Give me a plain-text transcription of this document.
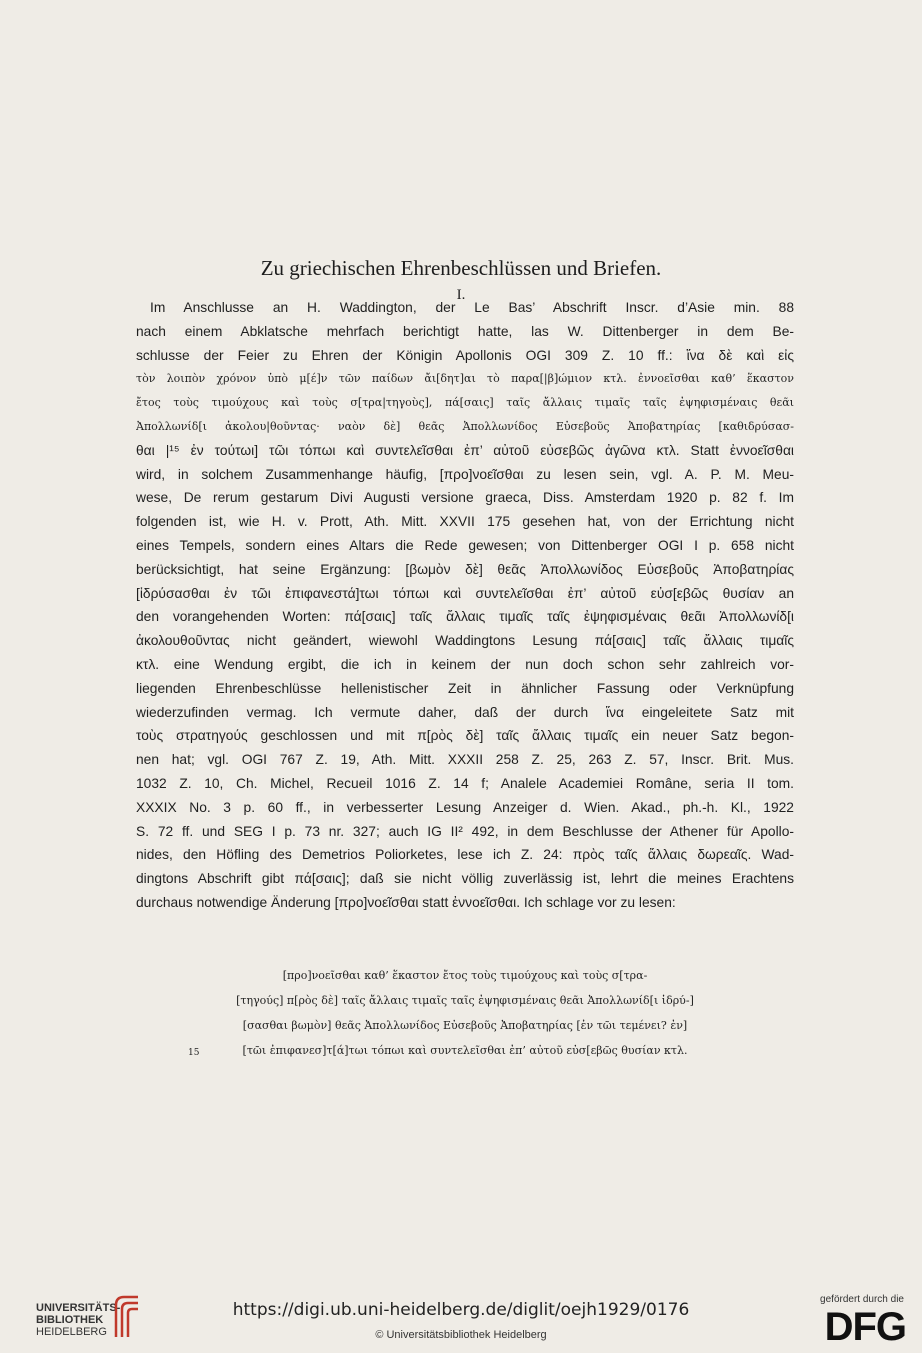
Zu griechischen Ehrenbeschlüssen und Briefen.
I.
Im Anschlusse an H. Waddington, der Le Bas’ Abschrift Inscr. d’Asie min. 88
nach einem Abklatsche mehrfach berichtigt hatte, las W. Dittenberger in dem Be-
schlusse der Feier zu Ehren der Königin Apollonis OGI 309 Z. 10 ff.: ἵνα δὲ καὶ εἰς
τὸν λοιπὸν χρόνον ὑπὸ μ[έ]ν τῶν παίδων ἄι[δητ]αι τὸ παρα[|β]ώμιον κτλ. ἐννοεῖσθαι καθ’ ἕκαστον
ἔτος τοὺς τιμούχους καὶ τοὺς σ[τρα|τηγοὺς], πά[σαις] ταῖς ἄλλαις τιμαῖς ταῖς ἐψηφισμέναις θεᾶι
Ἀπολλωνίδ[ι ἀκολου|θοῦντας· ναὸν δὲ] θεᾶς Ἀπολλωνίδος Εὐσεβοῦς Ἀποβατηρίας [καθιδρύσασ-
θαι |¹⁵ ἐν τούτωι] τῶι τόπωι καὶ συντελεῖσθαι ἐπ’ αὐτοῦ εὐσεβῶς ἀγῶνα κτλ. Statt ἐννοεῖσθαι
wird, in solchem Zusammenhange häufig, [προ]νοεῖσθαι zu lesen sein, vgl. A. P. M. Meu-
wese, De rerum gestarum Divi Augusti versione graeca, Diss. Amsterdam 1920 p. 82 f. Im
folgenden ist, wie H. v. Prott, Ath. Mitt. XXVII 175 gesehen hat, von der Errichtung nicht
eines Tempels, sondern eines Altars die Rede gewesen; von Dittenberger OGI I p. 658 nicht
berücksichtigt, hat seine Ergänzung: [βωμὸν δὲ] θεᾶς Ἀπολλωνίδος Εὐσεβοῦς Ἀποβατηρίας
[ἱδρύσασθαι ἐν τῶι ἐπιφανεστά]τωι τόπωι καὶ συντελεῖσθαι ἐπ’ αὐτοῦ εὐσ[εβῶς θυσίαν an
den vorangehenden Worten: πά[σαις] ταῖς ἄλλαις τιμαῖς ταῖς ἐψηφισμέναις θεᾶι Ἀπολλωνίδ[ι
ἀκολουθοῦντας nicht geändert, wiewohl Waddingtons Lesung πά[σαις] ταῖς ἄλλαις τιμαῖς
κτλ. eine Wendung ergibt, die ich in keinem der nun doch schon sehr zahlreich vor-
liegenden Ehrenbeschlüsse hellenistischer Zeit in ähnlicher Fassung oder Verknüpfung
wiederzufinden vermag. Ich vermute daher, daß der durch ἵνα eingeleitete Satz mit
τοὺς στρατηγούς geschlossen und mit π[ρὸς δὲ] ταῖς ἄλλαις τιμαῖς ein neuer Satz begon-
nen hat; vgl. OGI 767 Z. 19, Ath. Mitt. XXXII 258 Z. 25, 263 Z. 57, Inscr. Brit. Mus.
1032 Z. 10, Ch. Michel, Recueil 1016 Z. 14 f; Analele Academiei Române, seria II tom.
XXXIX No. 3 p. 60 ff., in verbesserter Lesung Anzeiger d. Wien. Akad., ph.-h. Kl., 1922
S. 72 ff. und SEG I p. 73 nr. 327; auch IG II² 492, in dem Beschlusse der Athener für Apollo-
nides, den Höfling des Demetrios Poliorketes, lese ich Z. 24: πρὸς ταῖς ἄλλαις δωρεαῖς. Wad-
dingtons Abschrift gibt πά[σαις]; daß sie nicht völlig zuverlässig ist, lehrt die meines Erachtens
durchaus notwendige Änderung [προ]νοεῖσθαι statt ἐννοεῖσθαι. Ich schlage vor zu lesen:
[προ]νοεῖσθαι καθ’ ἕκαστον ἔτος τοὺς τιμούχους καὶ τοὺς σ[τρα-
[τηγούς] π[ρὸς δὲ] ταῖς ἄλλαις τιμαῖς ταῖς ἐψηφισμέναις θεᾶι Ἀπολλωνίδ[ι ἱδρύ-]
[σασθαι βωμὸν] θεᾶς Ἀπολλωνίδος Εὐσεβοῦς Ἀποβατηρίας [ἐν τῶι τεμένει? ἐν]
15	[τῶι ἐπιφανεσ]τ[ά]τωι τόπωι καὶ συντελεῖσθαι ἐπ’ αὐτοῦ εὐσ[εβῶς θυσίαν κτλ.
UNIVERSITÄTS-
BIBLIOTHEK
HEIDELBERG
https://digi.ub.uni-heidelberg.de/diglit/oejh1929/0176
© Universitätsbibliothek Heidelberg
gefördert durch die
DFG
